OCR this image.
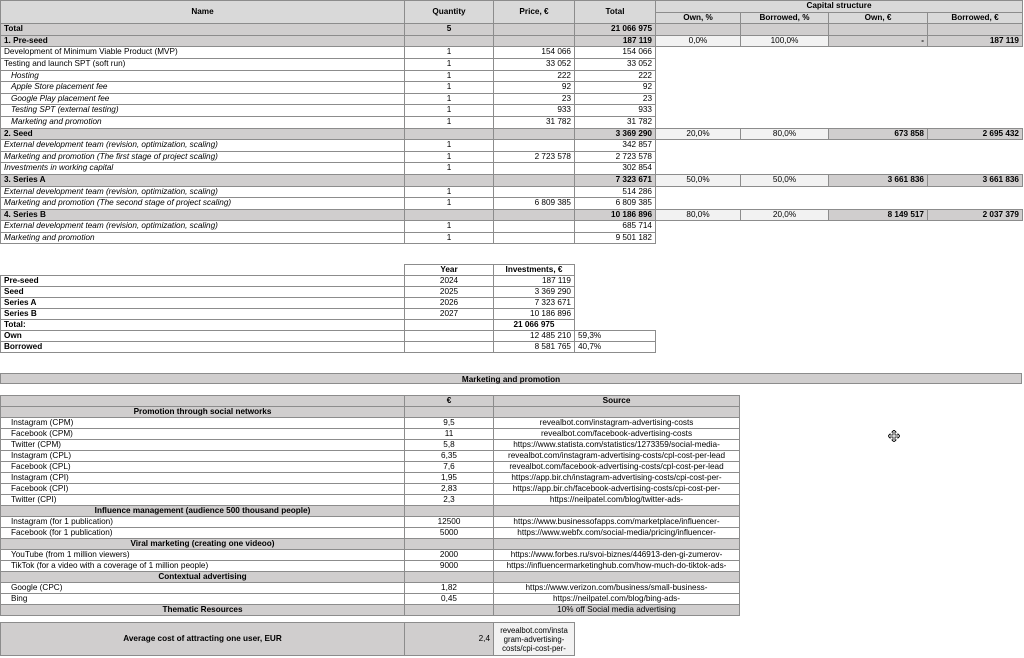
Name	Quantity	Price, €	Total	Capital structure			
				Own, %	Borrowed, %	Own, €	Borrowed, €
Total	5		21 066 975				
1. Pre-seed			187 119	0,0%	100,0%	-	187 119
Development of Minimum Viable Product (MVP)	1	154 066	154 066				
Testing and launch SPT (soft run)	1	33 052	33 052				
Hosting	1	222	222				
Apple Store placement fee	1	92	92				
Google Play placement fee	1	23	23				
Testing SPT (external testing)	1	933	933				
Marketing and promotion	1	31 782	31 782				
2. Seed			3 369 290	20,0%	80,0%	673 858	2 695 432
External development team (revision, optimization, scaling)	1		342 857				
Marketing and promotion (The first stage of project scaling)	1	2 723 578	2 723 578				
Investments in working capital	1		302 854				
3. Series A			7 323 671	50,0%	50,0%	3 661 836	3 661 836
External development team (revision, optimization, scaling)	1		514 286				
Marketing and promotion (The second stage of project scaling)	1	6 809 385	6 809 385				
4. Series B			10 186 896	80,0%	20,0%	8 149 517	2 037 379
External development team (revision, optimization, scaling)	1		685 714				
Marketing and promotion	1		9 501 182				
	Year	Investments, €	
Pre-seed	2024	187 119	
Seed	2025	3 369 290	
Series A	2026	7 323 671	
Series B	2027	10 186 896	
Total:		21 066 975	
Own		12 485 210	59,3%
Borrowed		8 581 765	40,7%
Marketing and promotion
	€	Source
Promotion through social networks		
Instagram (CPM)	9,5	revealbot.com/instagram-advertising-costs
Facebook (CPM)	11	revealbot.com/facebook-advertising-costs
Twitter (CPM)	5,8	https://www.statista.com/statistics/1273359/social-media-
Instagram (CPL)	6,35	revealbot.com/instagram-advertising-costs/cpl-cost-per-lead
Facebook (CPL)	7,6	revealbot.com/facebook-advertising-costs/cpl-cost-per-lead
Instagram (CPI)	1,95	https://app.bir.ch/instagram-advertising-costs/cpi-cost-per-
Facebook (CPI)	2,83	https://app.bir.ch/facebook-advertising-costs/cpi-cost-per-
Twitter (CPI)	2,3	https://neilpatel.com/blog/twitter-ads-
Influence management (audience 500 thousand people)		
Instagram (for 1 publication)	12500	https://www.businessofapps.com/marketplace/influencer-
Facebook (for 1 publication)	5000	https://www.webfx.com/social-media/pricing/influencer-
Viral marketing (creating one videoo)		
YouTube (from 1 million viewers)	2000	https://www.forbes.ru/svoi-biznes/446913-den-gi-zumerov-
TikTok (for a video with a coverage of 1 million people)	9000	https://influencermarketinghub.com/how-much-do-tiktok-ads-
Contextual advertising		
Google (CPC)	1,82	https://www.verizon.com/business/small-business-
Bing	0,45	https://neilpatel.com/blog/bing-ads-
Thematic Resources		10% off Social media advertising
Average cost of attracting one user, EUR	2,4	revealbot.com/insta gram-advertising-costs/cpi-cost-per-
